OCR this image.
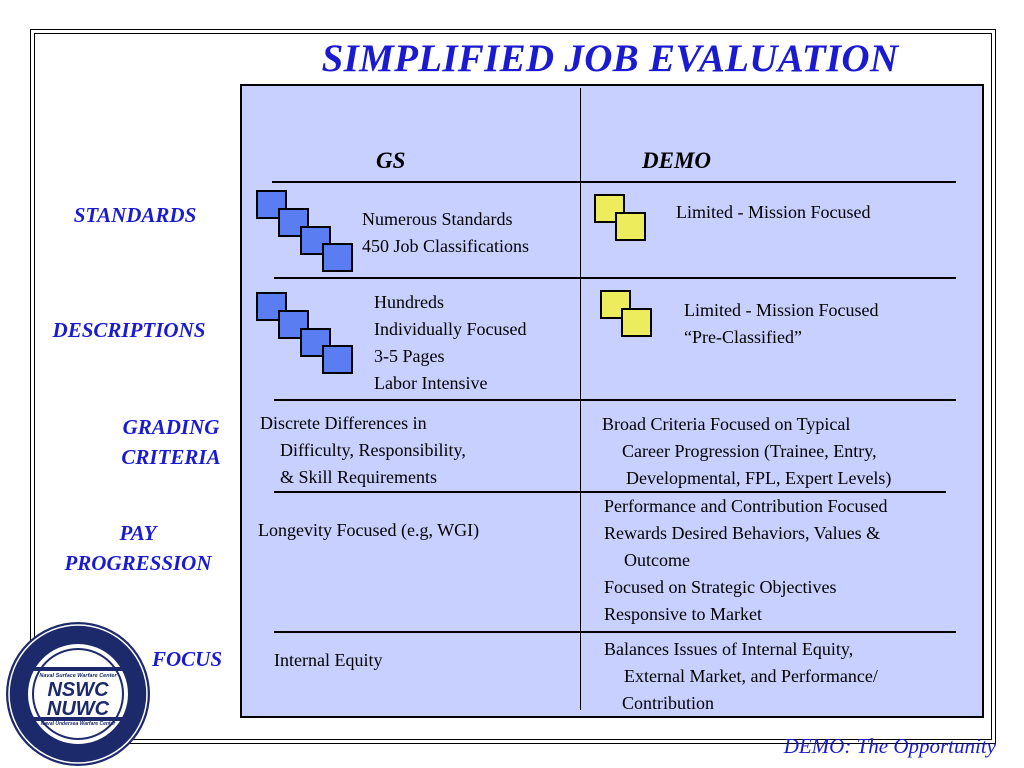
SIMPLIFIED JOB EVALUATION
GS	DEMO
STANDARDS
DESCRIPTIONS
GRADING
CRITERIA
PAY
PROGRESSION
FOCUS
Numerous Standards
450 Job Classifications
Limited - Mission Focused
Hundreds
Individually Focused
3-5 Pages
Labor Intensive
Limited - Mission Focused
“Pre-Classified”
Discrete Differences in
Difficulty, Responsibility,
& Skill Requirements
Broad Criteria Focused on Typical
Career Progression (Trainee, Entry,
Developmental, FPL, Expert Levels)
Longevity Focused (e.g, WGI)
Performance and Contribution Focused
Rewards Desired Behaviors, Values &
Outcome
Focused on Strategic Objectives
Responsive to Market
Internal Equity
Balances Issues of Internal Equity,
External Market, and Performance/
Contribution
Naval Surface Warfare Center
NSWC
NUWC
Naval Undersea Warfare Center
DEMO: The Opportunity
